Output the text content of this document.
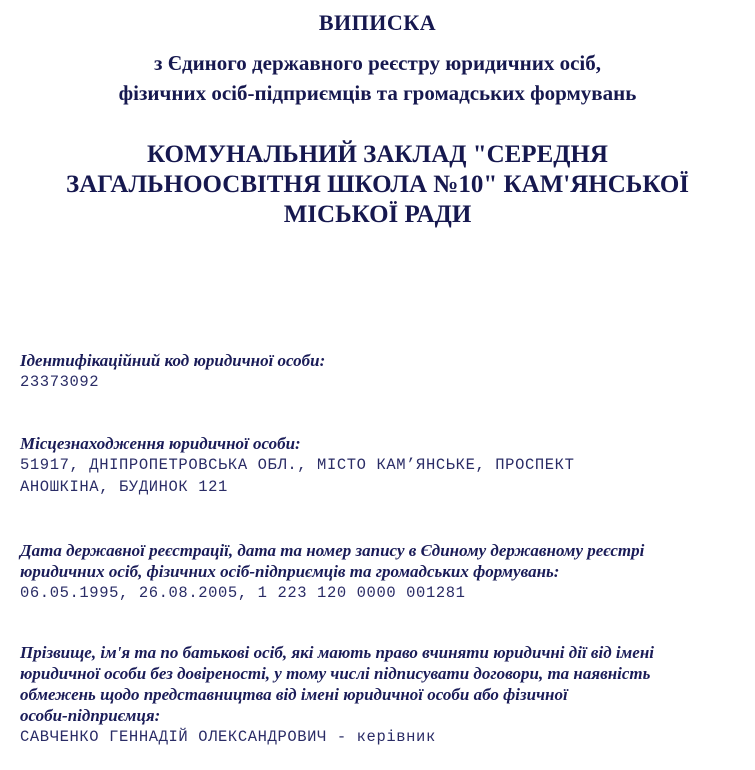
ВИПИСКА
з Єдиного державного реєстру юридичних осіб,
фізичних осіб-підприємців та громадських формувань
КОМУНАЛЬНИЙ ЗАКЛАД "СЕРЕДНЯ
ЗАГАЛЬНООСВІТНЯ ШКОЛА №10" КАМ'ЯНСЬКОЇ
МІСЬКОЇ РАДИ
Ідентифікаційний код юридичної особи:
23373092
Місцезнаходження юридичної особи:
51917, ДНІПРОПЕТРОВСЬКА ОБЛ., МІСТО КАМ’ЯНСЬКЕ, ПРОСПЕКТ
АНОШКІНА, БУДИНОК 121
Дата державної реєстрації, дата та номер запису в Єдиному державному реєстрі
юридичних осіб, фізичних осіб-підприємців та громадських формувань:
06.05.1995, 26.08.2005, 1 223 120 0000 001281
Прізвище, ім'я та по батькові осіб, які мають право вчиняти юридичні дії від імені
юридичної особи без довіреності, у тому числі підписувати договори, та наявність
обмежень щодо представництва від імені юридичної особи або фізичної
особи-підприємця:
САВЧЕНКО ГЕННАДІЙ ОЛЕКСАНДРОВИЧ - керівник
